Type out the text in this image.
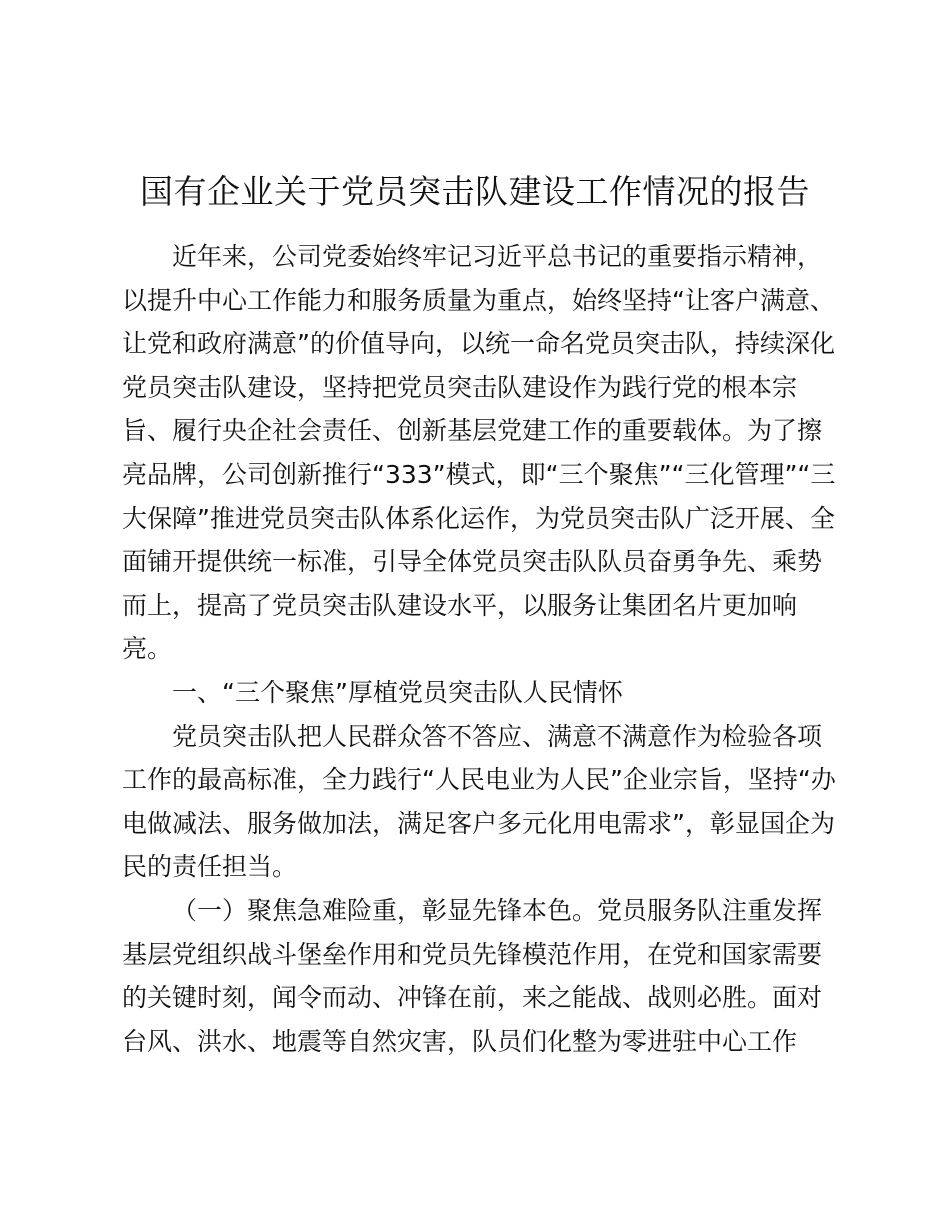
国有企业关于党员突击队建设工作情况的报告
近年来，公司党委始终牢记习近平总书记的重要指示精神，
以提升中心工作能力和服务质量为重点，始终坚持“让客户满意、
让党和政府满意”的价值导向，以统一命名党员突击队，持续深化
党员突击队建设，坚持把党员突击队建设作为践行党的根本宗
旨、履行央企社会责任、创新基层党建工作的重要载体。为了擦
亮品牌，公司创新推行“333”模式，即“三个聚焦”“三化管理”“三
大保障”推进党员突击队体系化运作，为党员突击队广泛开展、全
面铺开提供统一标准，引导全体党员突击队队员奋勇争先、乘势
而上，提高了党员突击队建设水平，以服务让集团名片更加响
亮。
一、“三个聚焦”厚植党员突击队人民情怀
党员突击队把人民群众答不答应、满意不满意作为检验各项
工作的最高标准，全力践行“人民电业为人民”企业宗旨，坚持“办
电做减法、服务做加法，满足客户多元化用电需求”，彰显国企为
民的责任担当。
（一）聚焦急难险重，彰显先锋本色。党员服务队注重发挥
基层党组织战斗堡垒作用和党员先锋模范作用，在党和国家需要
的关键时刻，闻令而动、冲锋在前，来之能战、战则必胜。面对
台风、洪水、地震等自然灾害，队员们化整为零进驻中心工作
